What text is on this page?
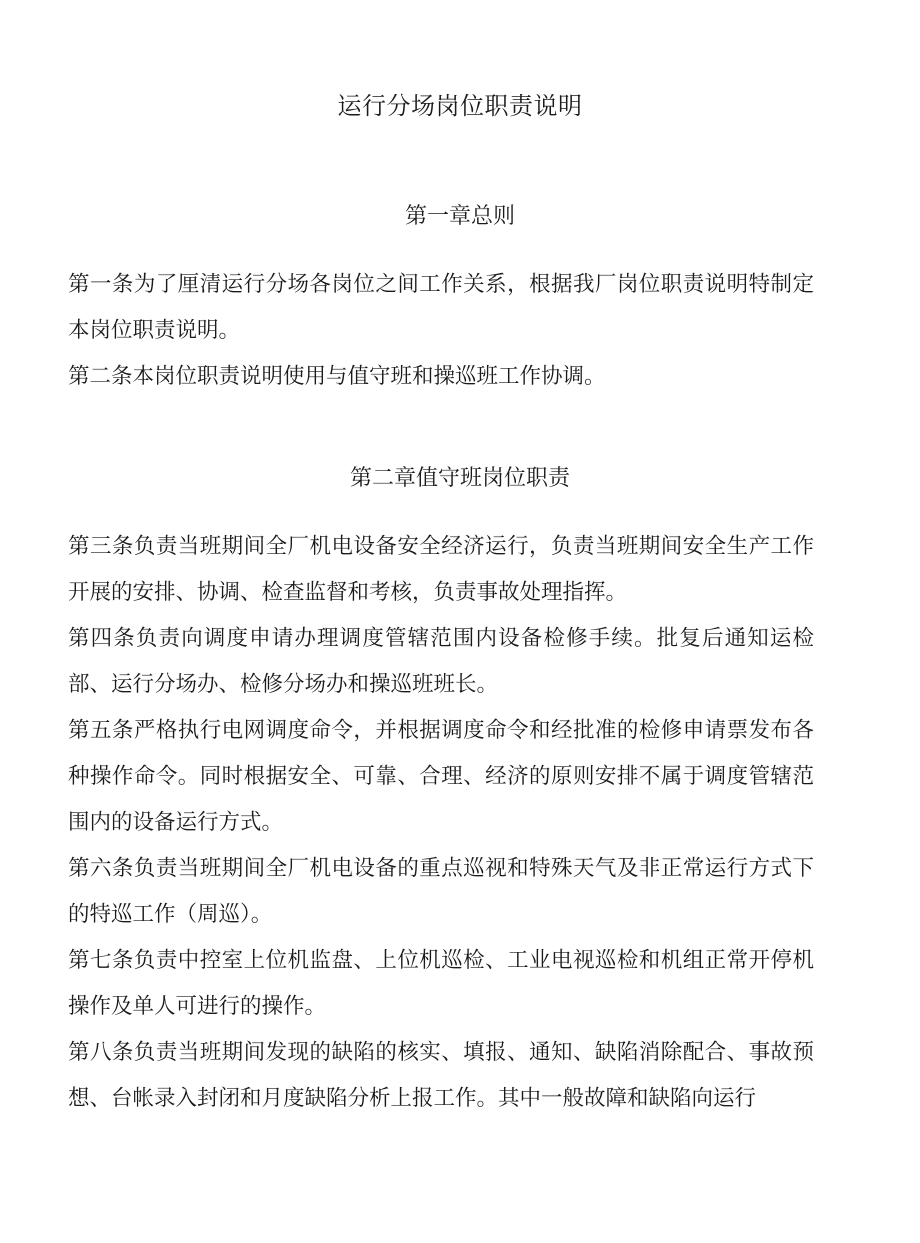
运行分场岗位职责说明
第一章总则

第一条为了厘清运行分场各岗位之间工作关系，根据我厂岗位职责说明特制定本岗位职责说明。

第二条本岗位职责说明使用与值守班和操巡班工作协调。

第二章值守班岗位职责

第三条负责当班期间全厂机电设备安全经济运行，负责当班期间安全生产工作开展的安排、协调、检查监督和考核，负责事故处理指挥。

第四条负责向调度申请办理调度管辖范围内设备检修手续。批复后通知运检部、运行分场办、检修分场办和操巡班班长。

第五条严格执行电网调度命令，并根据调度命令和经批准的检修申请票发布各种操作命令。同时根据安全、可靠、合理、经济的原则安排不属于调度管辖范围内的设备运行方式。

第六条负责当班期间全厂机电设备的重点巡视和特殊天气及非正常运行方式下的特巡工作（周巡）。

第七条负责中控室上位机监盘、上位机巡检、工业电视巡检和机组正常开停机操作及单人可进行的操作。

第八条负责当班期间发现的缺陷的核实、填报、通知、缺陷消除配合、事故预想、台帐录入封闭和月度缺陷分析上报工作。其中一般故障和缺陷向运行
